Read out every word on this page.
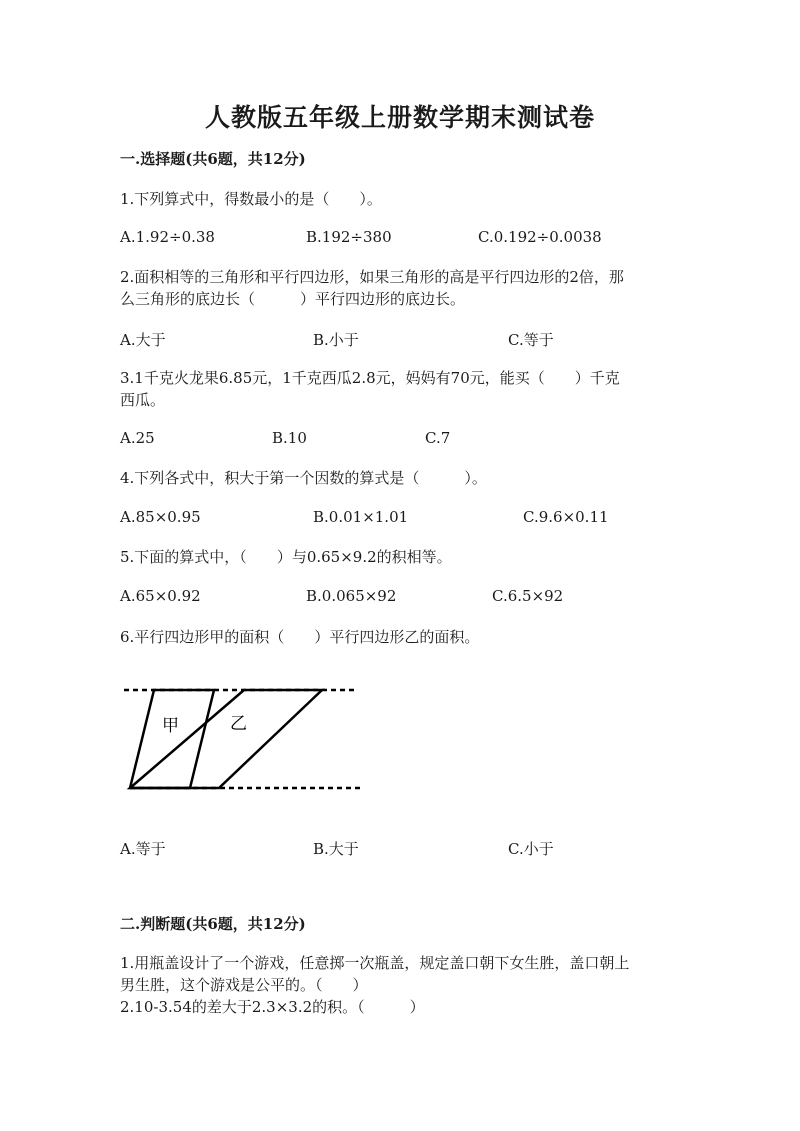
人教版五年级上册数学期末测试卷
一.选择题(共6题，共12分)
1.下列算式中，得数最小的是（　　）。
A.1.92÷0.38	B.192÷380	C.0.192÷0.0038
2.面积相等的三角形和平行四边形，如果三角形的高是平行四边形的2倍，那
么三角形的底边长（　　　）平行四边形的底边长。
A.大于	B.小于	C.等于
3.1千克火龙果6.85元，1千克西瓜2.8元，妈妈有70元，能买（　　）千克
西瓜。
A.25	B.10	C.7
4.下列各式中，积大于第一个因数的算式是（　　　）。
A.85×0.95	B.0.01×1.01	C.9.6×0.11
5.下面的算式中，（　　）与0.65×9.2的积相等。
A.65×0.92	B.0.065×92	C.6.5×92
6.平行四边形甲的面积（　　）平行四边形乙的面积。
甲	乙
A.等于	B.大于	C.小于
二.判断题(共6题，共12分)
1.用瓶盖设计了一个游戏，任意掷一次瓶盖，规定盖口朝下女生胜，盖口朝上
男生胜，这个游戏是公平的。（　　）
2.10-3.54的差大于2.3×3.2的积。（　　　）
